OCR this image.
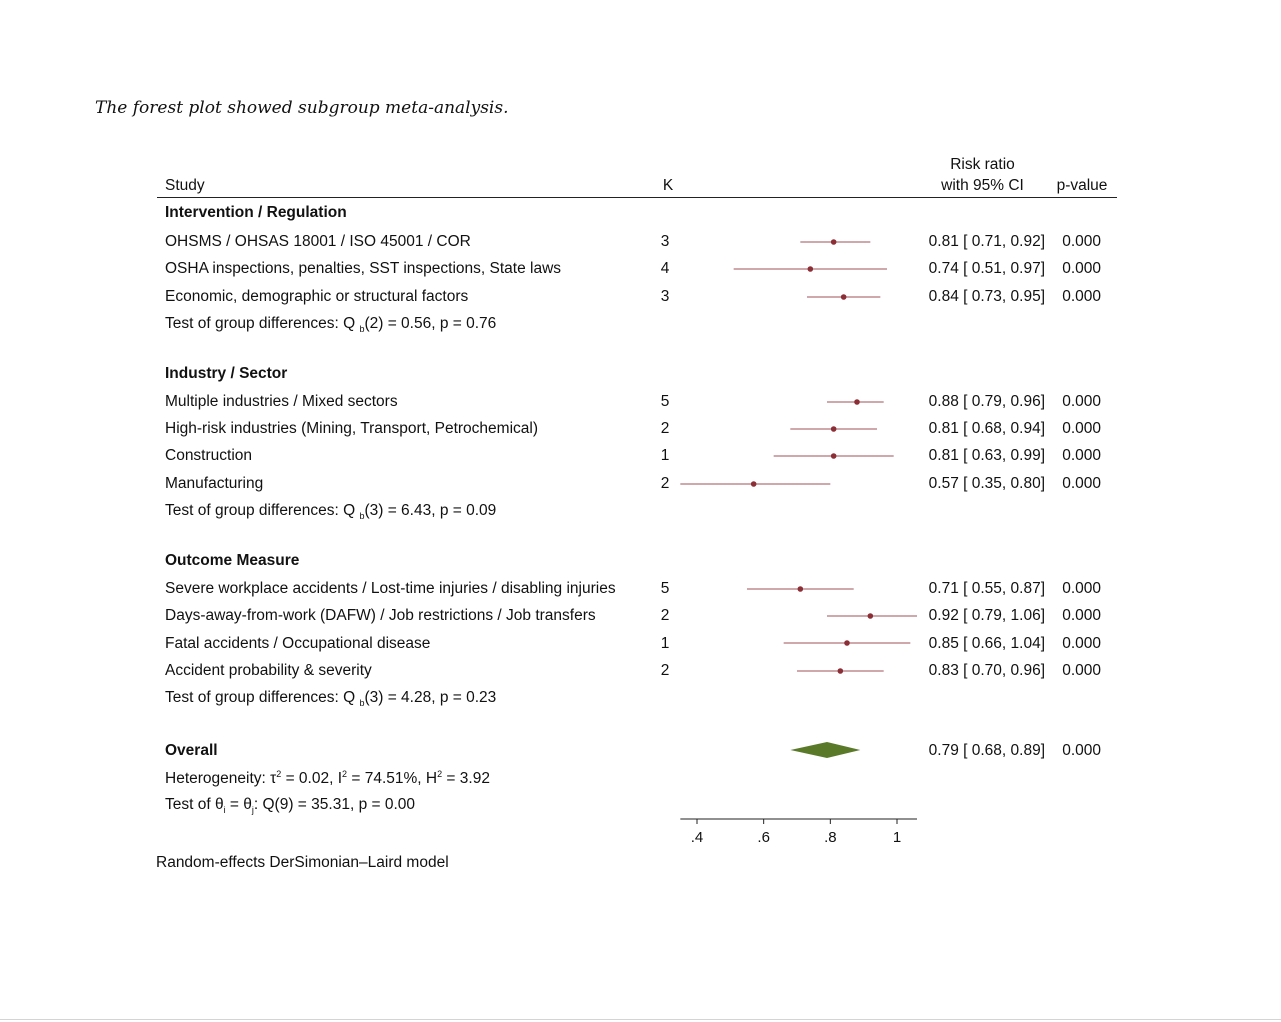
The forest plot showed subgroup meta-analysis.
Study	K
Risk ratio
with 95% CI	p-value
Intervention / Regulation
OHSMS / OHSAS 18001 / ISO 45001 / COR	3	0.81 [ 0.71, 0.92]	0.000
OSHA inspections, penalties, SST inspections, State laws	4	0.74 [ 0.51, 0.97]	0.000
Economic, demographic or structural factors	3	0.84 [ 0.73, 0.95]	0.000
Test of group differences: Q $_b$(2) = 0.56, p = 0.76
Industry / Sector
Multiple industries / Mixed sectors	5	0.88 [ 0.79, 0.96]	0.000
High-risk industries (Mining, Transport, Petrochemical)	2	0.81 [ 0.68, 0.94]	0.000
Construction	1	0.81 [ 0.63, 0.99]	0.000
Manufacturing	2	0.57 [ 0.35, 0.80]	0.000
Test of group differences: Q $_b$(3) = 6.43, p = 0.09
Outcome Measure
Severe workplace accidents / Lost-time injuries / disabling injuries	5	0.71 [ 0.55, 0.87]	0.000
Days-away-from-work (DAFW) / Job restrictions / Job transfers	2	0.92 [ 0.79, 1.06]	0.000
Fatal accidents / Occupational disease	1	0.85 [ 0.66, 1.04]	0.000
Accident probability & severity	2	0.83 [ 0.70, 0.96]	0.000
Test of group differences: Q $_b$(3) = 4.28, p = 0.23
Overall	0.79 [ 0.68, 0.89]	0.000
Heterogeneity: $\tau^2 = 0.02$, $I^2 = 74.51\%$, $H^2 = 3.92$
Test of $\theta_i = \theta_j$: Q(9) = 35.31, p = 0.00
Random-effects DerSimonian–Laird model
.4	.6	.8	1
